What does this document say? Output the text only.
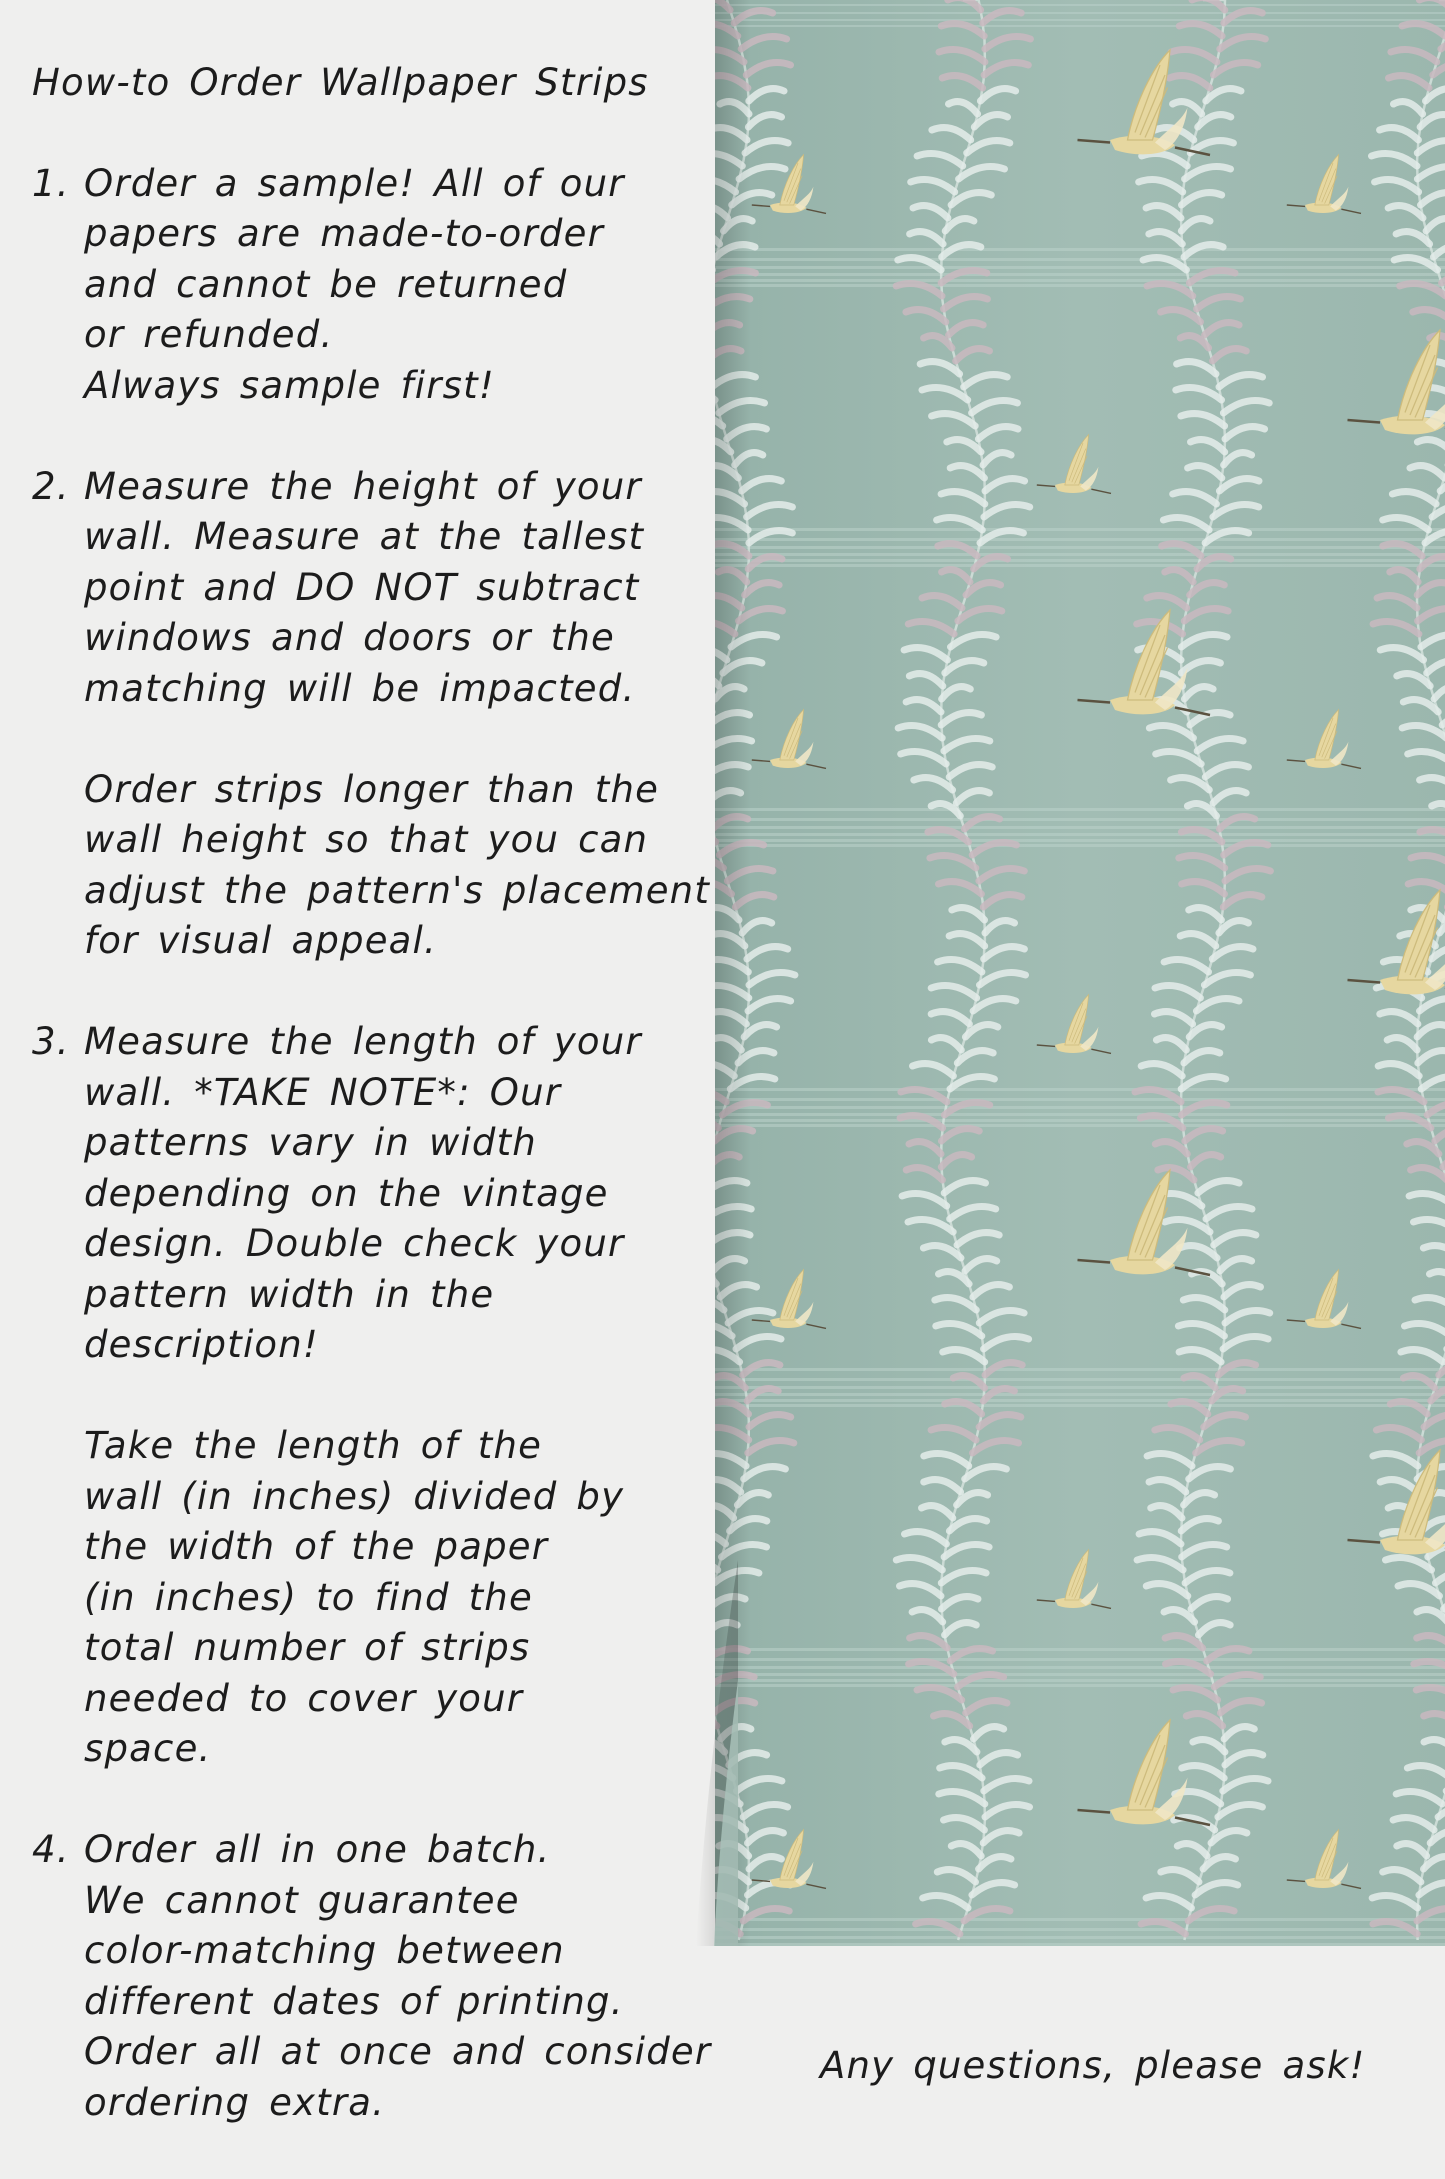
How-to Order Wallpaper Strips
1. Order a sample! All of our
papers are made-to-order
and cannot be returned
or refunded.
Always sample first!
2. Measure the height of your
wall. Measure at the tallest
point and DO NOT subtract
windows and doors or the
matching will be impacted.
Order strips longer than the
wall height so that you can
adjust the pattern's placement
for visual appeal.
3. Measure the length of your
wall. *TAKE NOTE*: Our
patterns vary in width
depending on the vintage
design. Double check your
pattern width in the
description!
Take the length of the
wall (in inches) divided by
the width of the paper
(in inches) to find the
total number of strips
needed to cover your
space.
4. Order all in one batch.
We cannot guarantee
color-matching between
different dates of printing.
Order all at once and consider
ordering extra.
Any questions, please ask!
